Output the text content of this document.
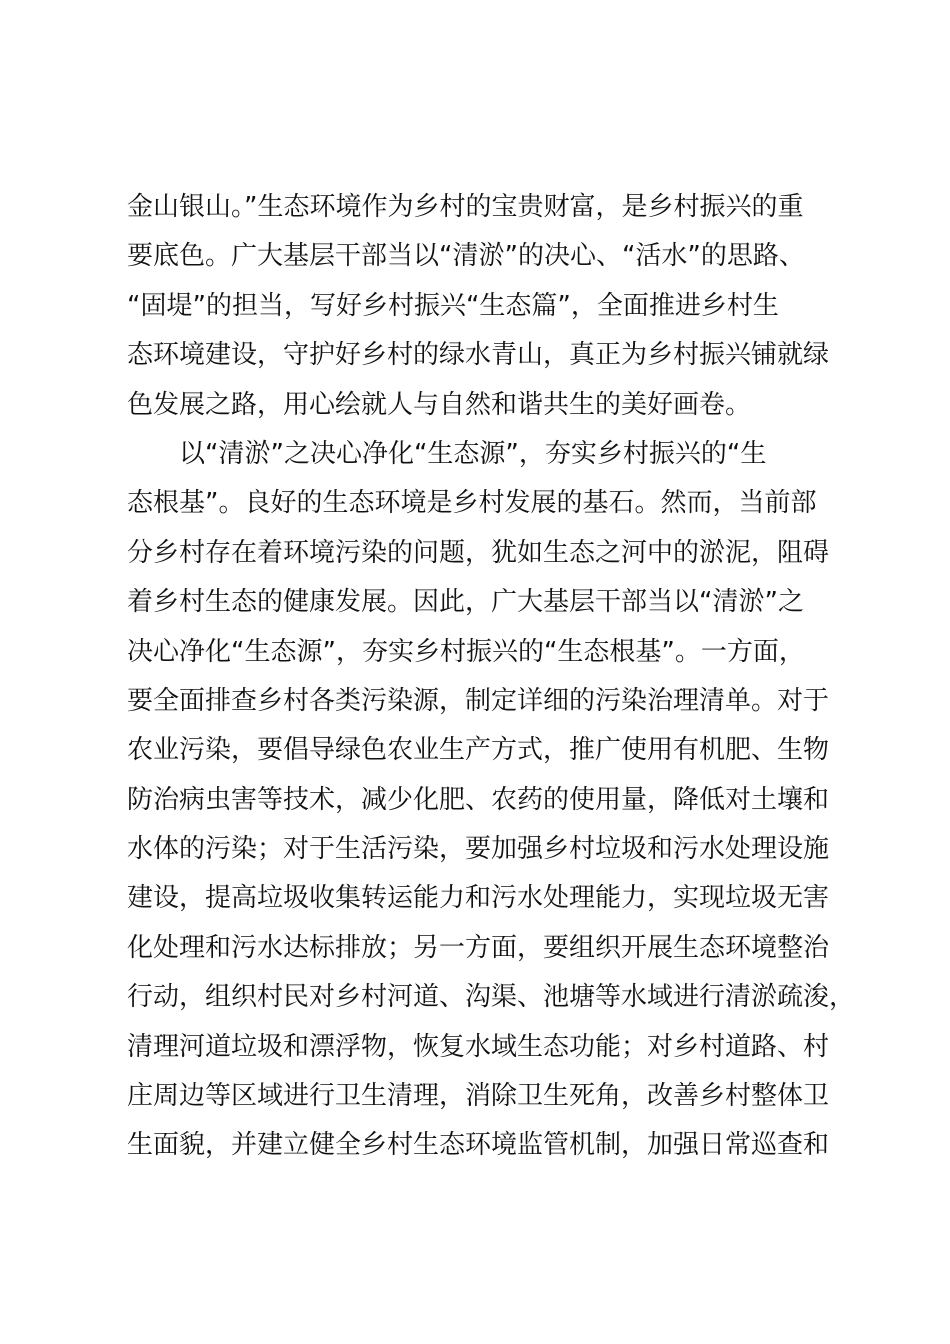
金山银山。”生态环境作为乡村的宝贵财富，是乡村振兴的重
要底色。广大基层干部当以“清淤”的决心、“活水”的思路、
“固堤”的担当，写好乡村振兴“生态篇”，全面推进乡村生
态环境建设，守护好乡村的绿水青山，真正为乡村振兴铺就绿
色发展之路，用心绘就人与自然和谐共生的美好画卷。
　　以“清淤”之决心净化“生态源”，夯实乡村振兴的“生
态根基”。良好的生态环境是乡村发展的基石。然而，当前部
分乡村存在着环境污染的问题，犹如生态之河中的淤泥，阻碍
着乡村生态的健康发展。因此，广大基层干部当以“清淤”之
决心净化“生态源”，夯实乡村振兴的“生态根基”。一方面，
要全面排查乡村各类污染源，制定详细的污染治理清单。对于
农业污染，要倡导绿色农业生产方式，推广使用有机肥、生物
防治病虫害等技术，减少化肥、农药的使用量，降低对土壤和
水体的污染；对于生活污染，要加强乡村垃圾和污水处理设施
建设，提高垃圾收集转运能力和污水处理能力，实现垃圾无害
化处理和污水达标排放；另一方面，要组织开展生态环境整治
行动，组织村民对乡村河道、沟渠、池塘等水域进行清淤疏浚，
清理河道垃圾和漂浮物，恢复水域生态功能；对乡村道路、村
庄周边等区域进行卫生清理，消除卫生死角，改善乡村整体卫
生面貌，并建立健全乡村生态环境监管机制，加强日常巡查和
